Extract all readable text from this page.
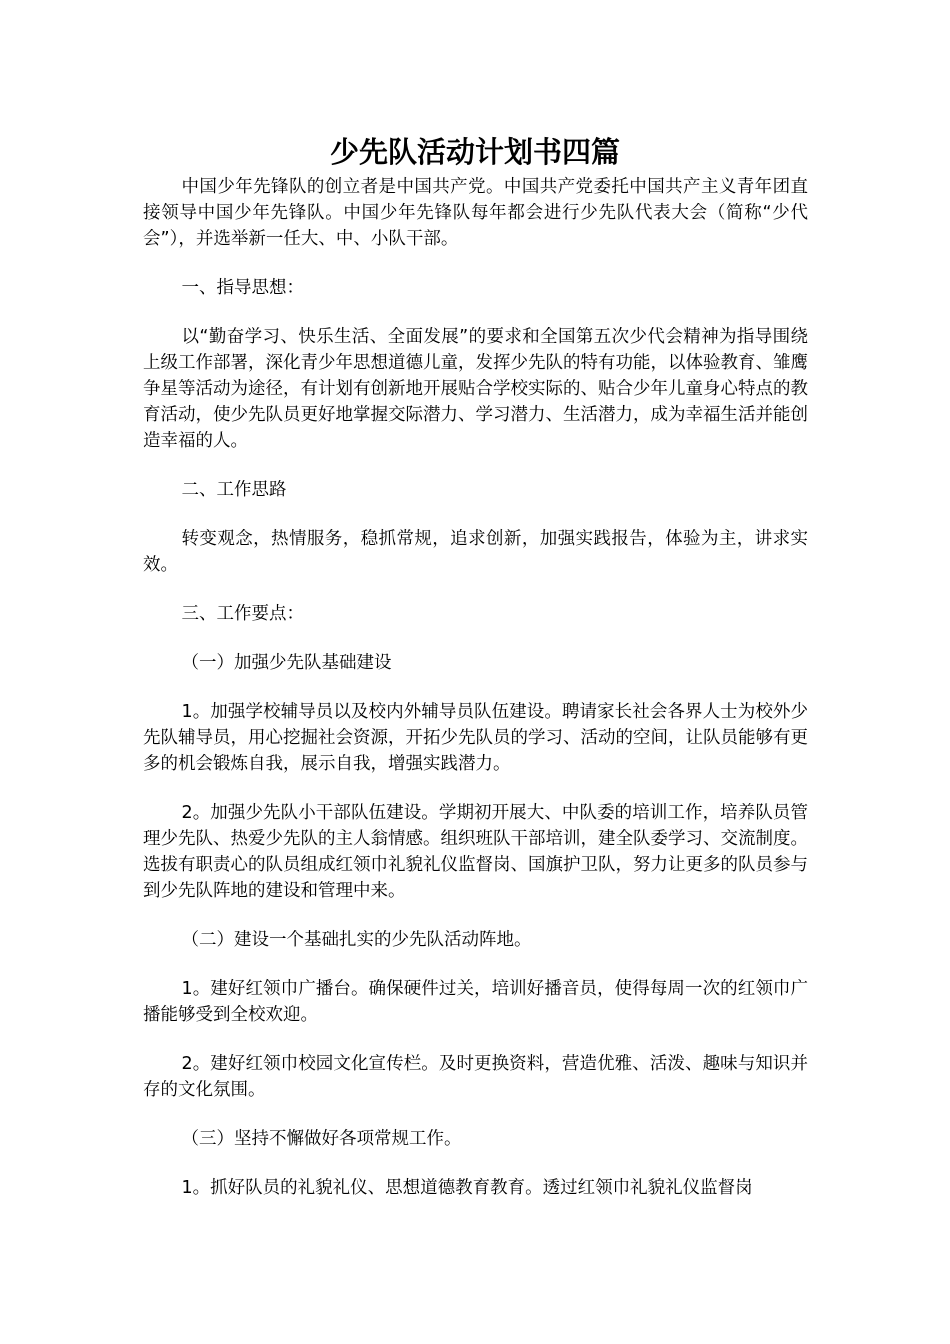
少先队活动计划书四篇

中国少年先锋队的创立者是中国共产党。中国共产党委托中国共产主义青年团直接领导中国少年先锋队。中国少年先锋队每年都会进行少先队代表大会（简称“少代会”），并选举新一任大、中、小队干部。

一、指导思想：

以“勤奋学习、快乐生活、全面发展”的要求和全国第五次少代会精神为指导围绕上级工作部署，深化青少年思想道德儿童，发挥少先队的特有功能，以体验教育、雏鹰争星等活动为途径，有计划有创新地开展贴合学校实际的、贴合少年儿童身心特点的教育活动，使少先队员更好地掌握交际潜力、学习潜力、生活潜力，成为幸福生活并能创造幸福的人。

二、工作思路

转变观念，热情服务，稳抓常规，追求创新，加强实践报告，体验为主，讲求实效。

三、工作要点：

（一）加强少先队基础建设

1。加强学校辅导员以及校内外辅导员队伍建设。聘请家长社会各界人士为校外少先队辅导员，用心挖掘社会资源，开拓少先队员的学习、活动的空间，让队员能够有更多的机会锻炼自我，展示自我，增强实践潜力。

2。加强少先队小干部队伍建设。学期初开展大、中队委的培训工作，培养队员管理少先队、热爱少先队的主人翁情感。组织班队干部培训，建全队委学习、交流制度。选拔有职责心的队员组成红领巾礼貌礼仪监督岗、国旗护卫队，努力让更多的队员参与到少先队阵地的建设和管理中来。

（二）建设一个基础扎实的少先队活动阵地。

1。建好红领巾广播台。确保硬件过关，培训好播音员，使得每周一次的红领巾广播能够受到全校欢迎。

2。建好红领巾校园文化宣传栏。及时更换资料，营造优雅、活泼、趣味与知识并存的文化氛围。

（三）坚持不懈做好各项常规工作。

1。抓好队员的礼貌礼仪、思想道德教育教育。透过红领巾礼貌礼仪监督岗
